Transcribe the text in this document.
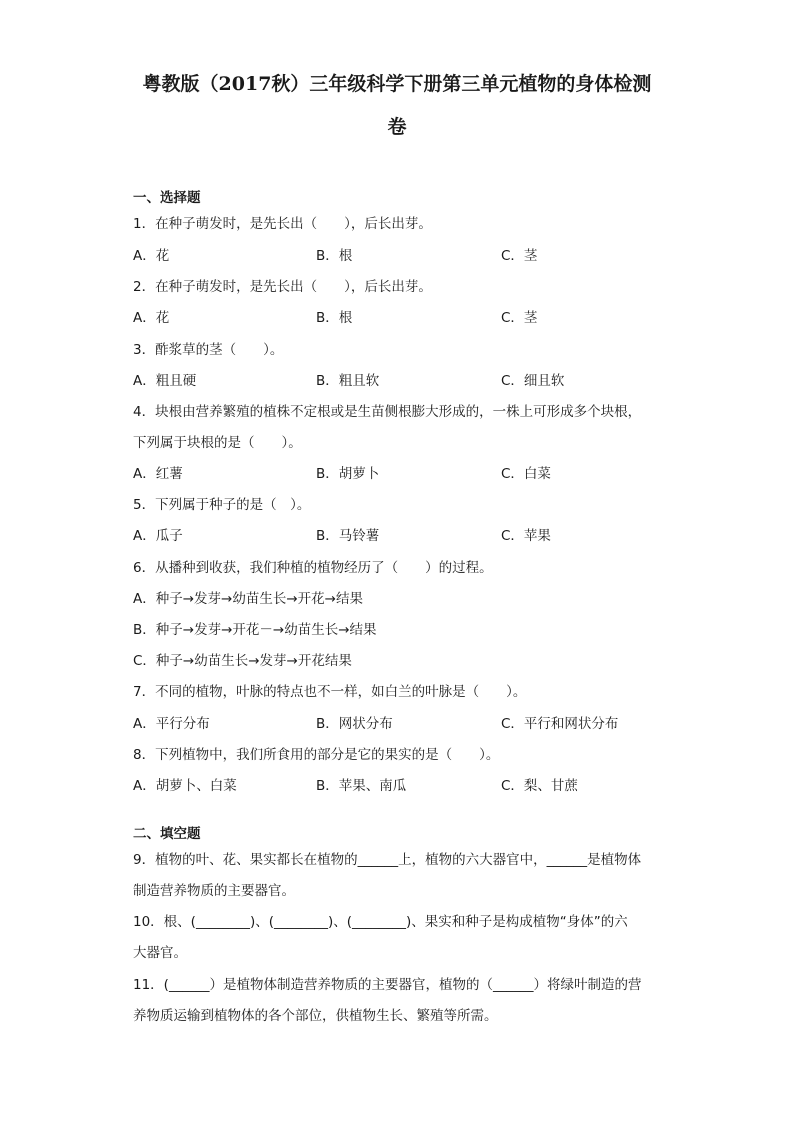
粤教版（2017秋）三年级科学下册第三单元植物的身体检测
卷
一、选择题
1．在种子萌发时，是先长出（　　），后长出芽。
A．花	B．根	C．茎
2．在种子萌发时，是先长出（　　），后长出芽。
A．花	B．根	C．茎
3．酢浆草的茎（　　）。
A．粗且硬	B．粗且软	C．细且软
4．块根由营养繁殖的植株不定根或是生苗侧根膨大形成的，一株上可形成多个块根，
下列属于块根的是（　　）。
A．红薯	B．胡萝卜	C．白菜
5．下列属于种子的是（　）。
A．瓜子	B．马铃薯	C．苹果
6．从播种到收获，我们种植的植物经历了（　　）的过程。
A．种子→发芽→幼苗生长→开花→结果
B．种子→发芽→开花－→幼苗生长→结果
C．种子→幼苗生长→发芽→开花结果
7．不同的植物，叶脉的特点也不一样，如白兰的叶脉是（　　）。
A．平行分布	B．网状分布	C．平行和网状分布
8．下列植物中，我们所食用的部分是它的果实的是（　　）。
A．胡萝卜、白菜	B．苹果、南瓜	C．梨、甘蔗
二、填空题
9．植物的叶、花、果实都长在植物的______上，植物的六大器官中，______是植物体
制造营养物质的主要器官。
10．根、(________)、(________)、(________)、果实和种子是构成植物“身体”的六
大器官。
11．(______）是植物体制造营养物质的主要器官，植物的（______）将绿叶制造的营
养物质运输到植物体的各个部位，供植物生长、繁殖等所需。
